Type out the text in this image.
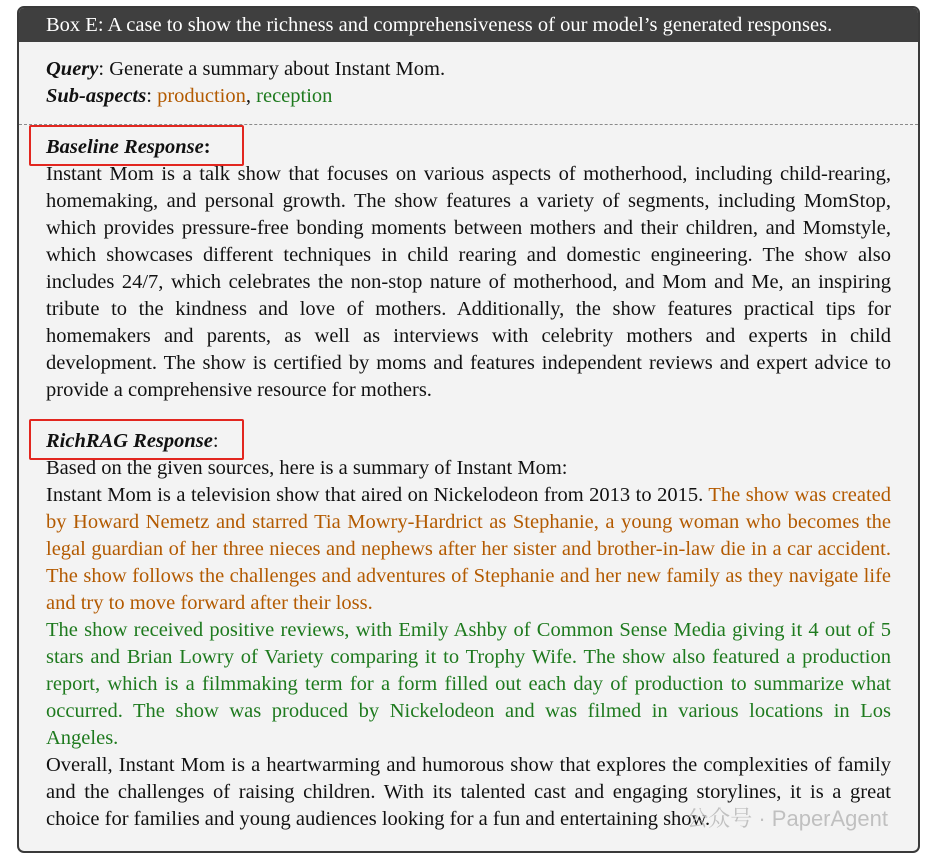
Box E: A case to show the richness and comprehensiveness of our model’s generated responses.
Query: Generate a summary about Instant Mom.
Sub-aspects: production, reception
Baseline Response:
Instant Mom is a talk show that focuses on various aspects of motherhood, including child-rearing, homemaking, and personal growth. The show features a variety of segments, including MomStop, which provides pressure-free bonding moments between mothers and their children, and Momstyle, which showcases different techniques in child rearing and domestic engineering. The show also includes 24/7, which celebrates the non-stop nature of motherhood, and Mom and Me, an inspiring tribute to the kindness and love of mothers. Additionally, the show features practical tips for homemakers and parents, as well as interviews with celebrity mothers and experts in child development. The show is certified by moms and features independent reviews and expert advice to provide a comprehensive resource for mothers.
RichRAG Response:
Based on the given sources, here is a summary of Instant Mom:
Instant Mom is a television show that aired on Nickelodeon from 2013 to 2015. The show was created by Howard Nemetz and starred Tia Mowry-Hardrict as Stephanie, a young woman who becomes the legal guardian of her three nieces and nephews after her sister and brother-in-law die in a car accident. The show follows the challenges and adventures of Stephanie and her new family as they navigate life and try to move forward after their loss.
The show received positive reviews, with Emily Ashby of Common Sense Media giving it 4 out of 5 stars and Brian Lowry of Variety comparing it to Trophy Wife. The show also featured a production report, which is a filmmaking term for a form filled out each day of production to summarize what occurred. The show was produced by Nickelodeon and was filmed in various locations in Los Angeles.
Overall, Instant Mom is a heartwarming and humorous show that explores the complexities of family and the challenges of raising children. With its talented cast and engaging storylines, it is a great choice for families and young audiences looking for a fun and entertaining show.
公众号 · PaperAgent
